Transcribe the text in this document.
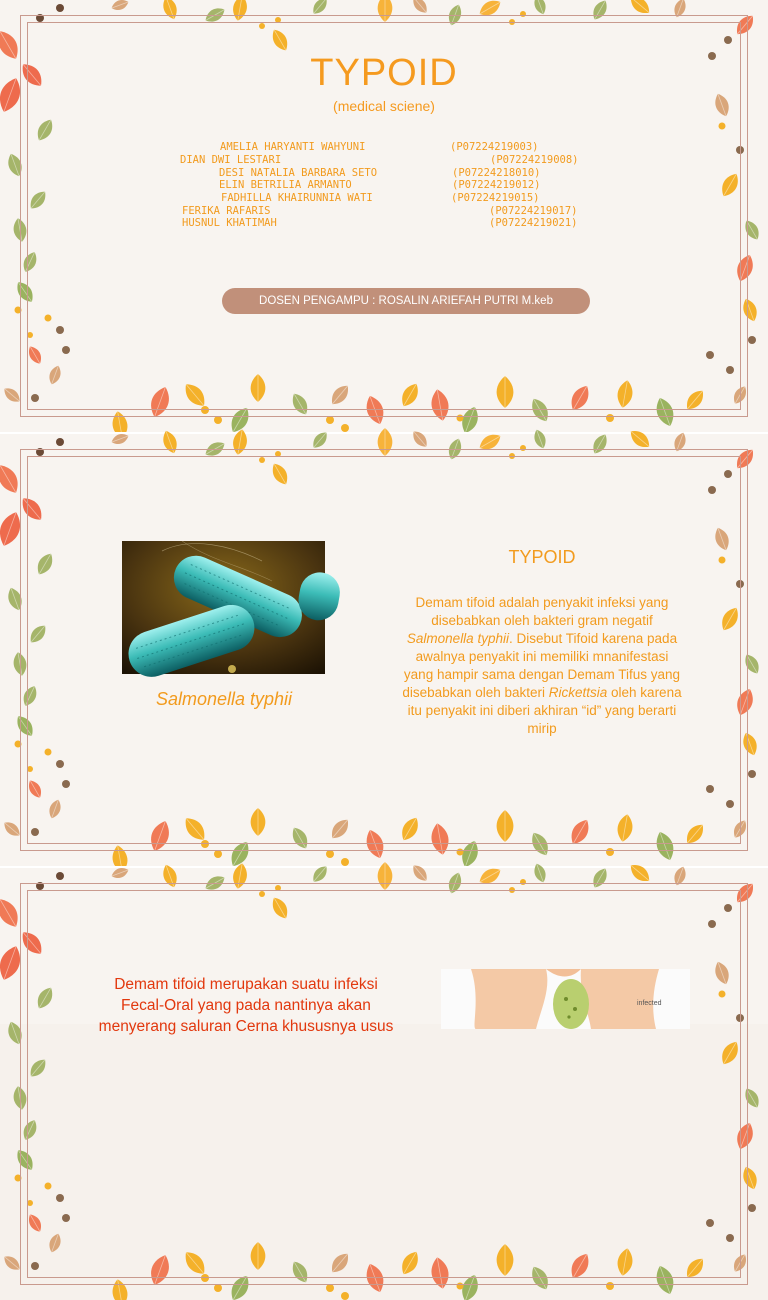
TYPOID
(medical sciene)
AMELIA HARYANTI WAHYUNI	(P07224219003)
DIAN DWI LESTARI	(P07224219008)
DESI NATALIA BARBARA SETO	(P07224218010)
ELIN BETRILIA ARMANTO	(P07224219012)
FADHILLA KHAIRUNNIA WATI	(P07224219015)
FERIKA RAFARIS	(P07224219017)
HUSNUL KHATIMAH	(P07224219021)
DOSEN PENGAMPU : ROSALIN ARIEFAH PUTRI M.keb
Salmonella typhii
TYPOID

Demam tifoid adalah penyakit infeksi yang disebabkan oleh bakteri gram negatif Salmonella typhii. Disebut Tifoid karena pada awalnya penyakit ini memiliki mnanifestasi yang hampir sama dengan Demam Tifus yang disebabkan oleh bakteri Rickettsia oleh karena itu penyakit ini diberi akhiran “id” yang berarti mirip

Demam tifoid merupakan suatu infeksi
Fecal-Oral yang pada nantinya akan
menyerang saluran Cerna khususnya usus
infected
